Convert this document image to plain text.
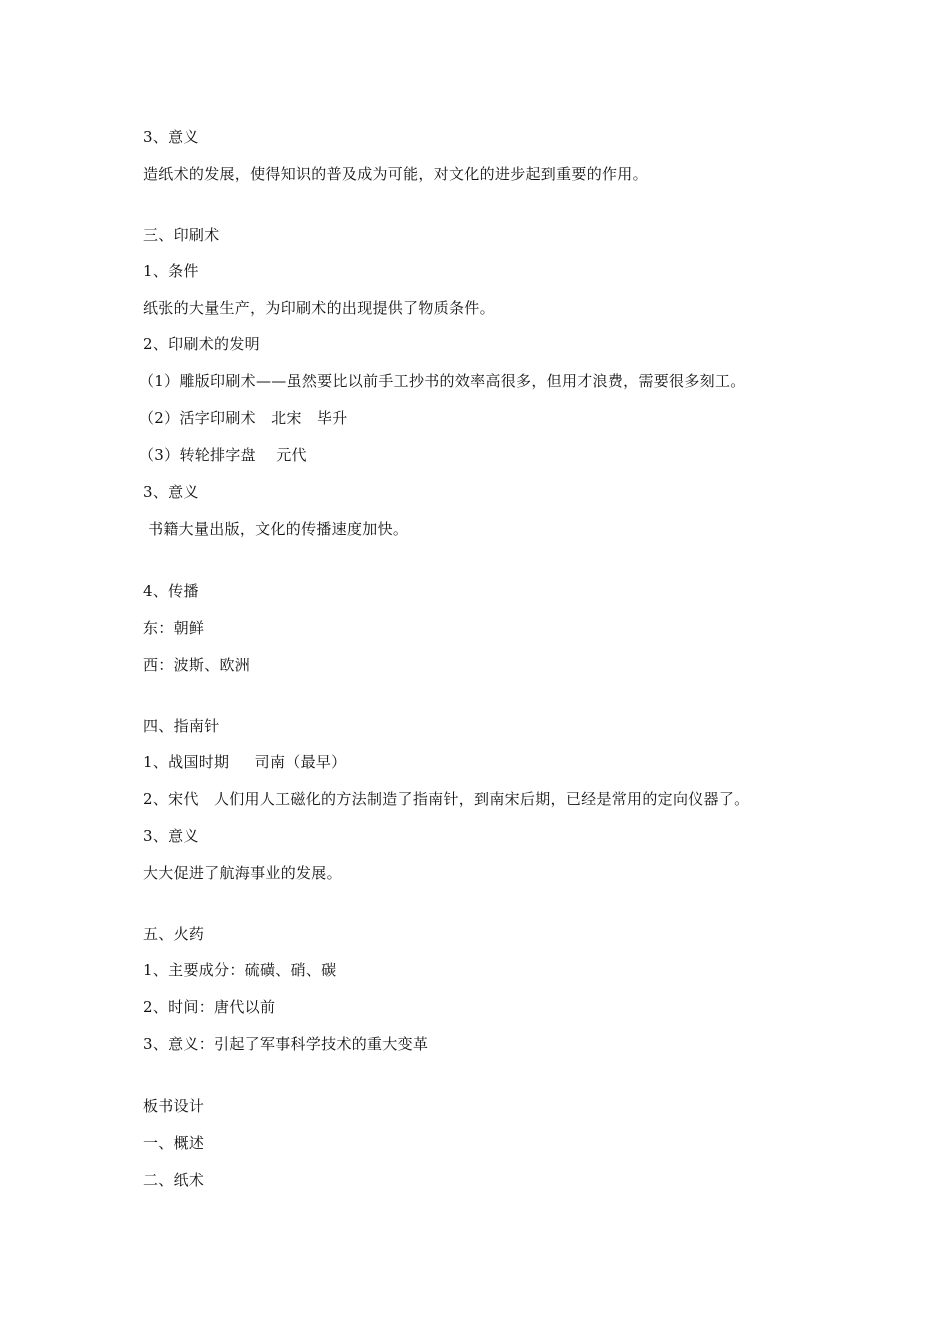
3、意义
造纸术的发展，使得知识的普及成为可能，对文化的进步起到重要的作用。
三、印刷术
1、条件
纸张的大量生产，为印刷术的出现提供了物质条件。
2、印刷术的发明
（1）雕版印刷术——虽然要比以前手工抄书的效率高很多，但用才浪费，需要很多刻工。
（2）活字印刷术   北宋   毕升
（3）转轮排字盘    元代
3、意义
书籍大量出版，文化的传播速度加快。
4、传播
东：朝鲜
西：波斯、欧洲
四、指南针
1、战国时期     司南（最早）
2、宋代   人们用人工磁化的方法制造了指南针，到南宋后期，已经是常用的定向仪器了。
3、意义
大大促进了航海事业的发展。
五、火药
1、主要成分：硫磺、硝、碳
2、时间：唐代以前
3、意义：引起了军事科学技术的重大变革
板书设计
一、概述
二、纸术
